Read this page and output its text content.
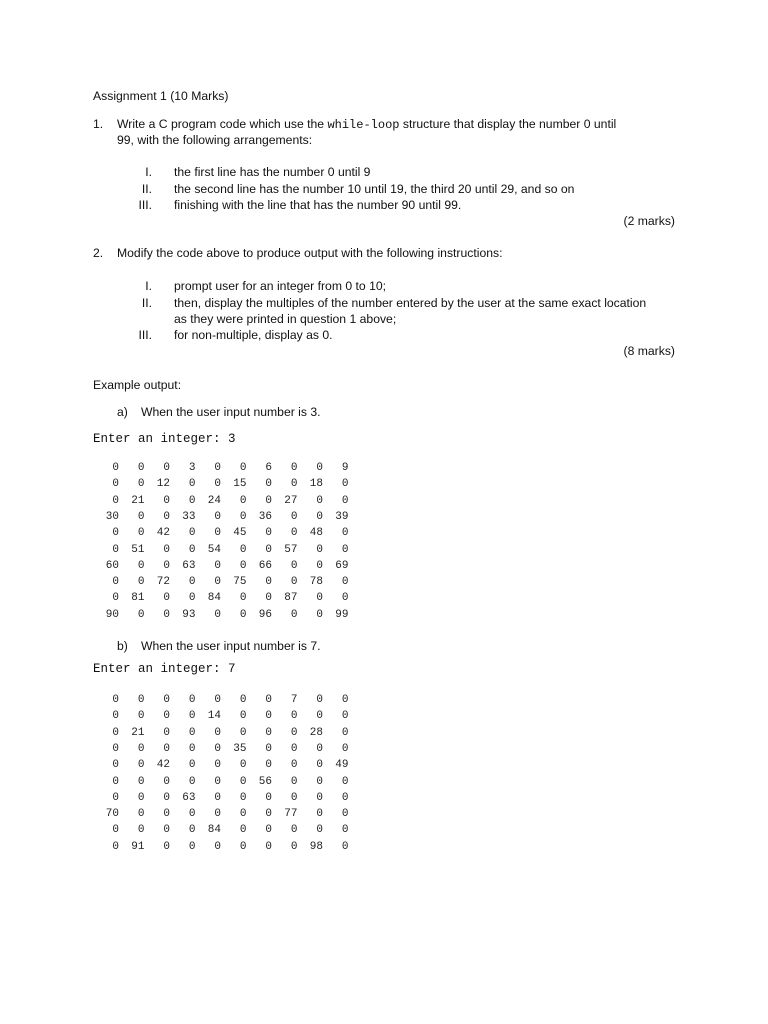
Assignment 1 (10 Marks)
1. Write a C program code which use the while-loop structure that display the number 0 until
99, with the following arrangements:
I. the first line has the number 0 until 9
II. the second line has the number 10 until 19, the third 20 until 29, and so on
III. finishing with the line that has the number 90 until 99.
(2 marks)
2. Modify the code above to produce output with the following instructions:
I. prompt user for an integer from 0 to 10;
II. then, display the multiples of the number entered by the user at the same exact location
as they were printed in question 1 above;
III. for non-multiple, display as 0.
(8 marks)
Example output:
a) When the user input number is 3.
Enter an integer: 3
0	0	0	3	0	0	6	0	0	9
0	0	12	0	0	15	0	0	18	0
0	21	0	0	24	0	0	27	0	0
30	0	0	33	0	0	36	0	0	39
0	0	42	0	0	45	0	0	48	0
0	51	0	0	54	0	0	57	0	0
60	0	0	63	0	0	66	0	0	69
0	0	72	0	0	75	0	0	78	0
0	81	0	0	84	0	0	87	0	0
90	0	0	93	0	0	96	0	0	99
b) When the user input number is 7.
Enter an integer: 7
0	0	0	0	0	0	0	7	0	0
0	0	0	0	14	0	0	0	0	0
0	21	0	0	0	0	0	0	28	0
0	0	0	0	0	35	0	0	0	0
0	0	42	0	0	0	0	0	0	49
0	0	0	0	0	0	56	0	0	0
0	0	0	63	0	0	0	0	0	0
70	0	0	0	0	0	0	77	0	0
0	0	0	0	84	0	0	0	0	0
0	91	0	0	0	0	0	0	98	0
